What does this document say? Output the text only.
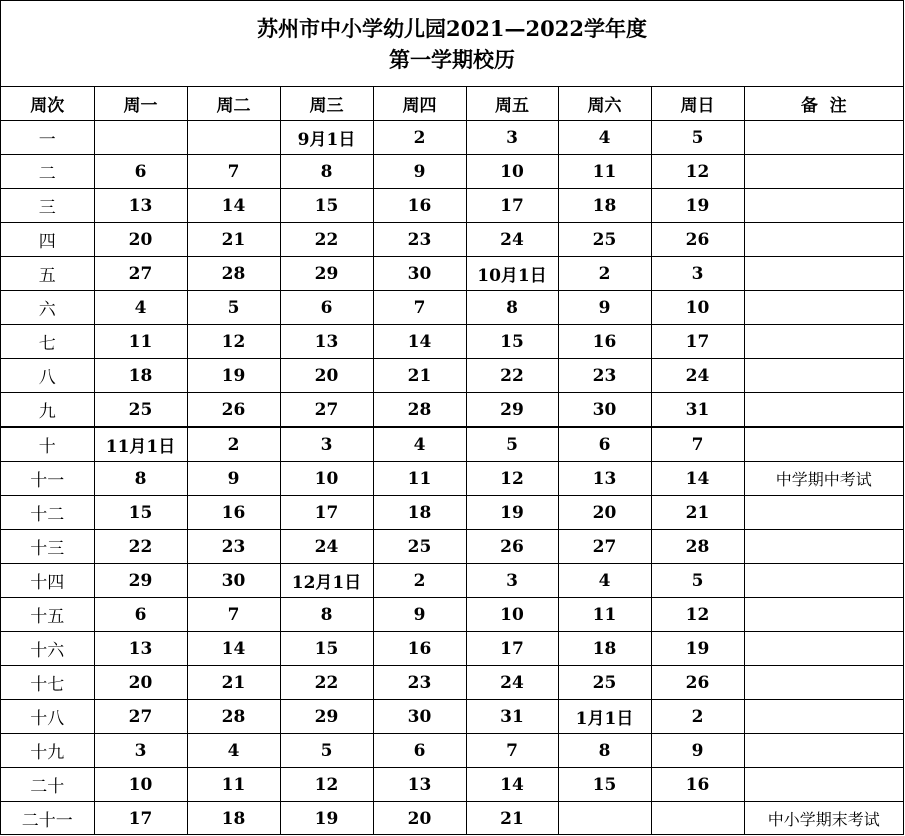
苏州市中小学幼儿园2021—2022学年度
第一学期校历
周次	周一	周二	周三	周四	周五	周六	周日	备  注
一			9月1日	2	3	4	5	
二	6	7	8	9	10	11	12	
三	13	14	15	16	17	18	19	
四	20	21	22	23	24	25	26	
五	27	28	29	30	10月1日	2	3	
六	4	5	6	7	8	9	10	
七	11	12	13	14	15	16	17	
八	18	19	20	21	22	23	24	
九	25	26	27	28	29	30	31	
十	11月1日	2	3	4	5	6	7	
十一	8	9	10	11	12	13	14	中学期中考试
十二	15	16	17	18	19	20	21	
十三	22	23	24	25	26	27	28	
十四	29	30	12月1日	2	3	4	5	
十五	6	7	8	9	10	11	12	
十六	13	14	15	16	17	18	19	
十七	20	21	22	23	24	25	26	
十八	27	28	29	30	31	1月1日	2	
十九	3	4	5	6	7	8	9	
二十	10	11	12	13	14	15	16	
二十一	17	18	19	20	21			中小学期末考试
